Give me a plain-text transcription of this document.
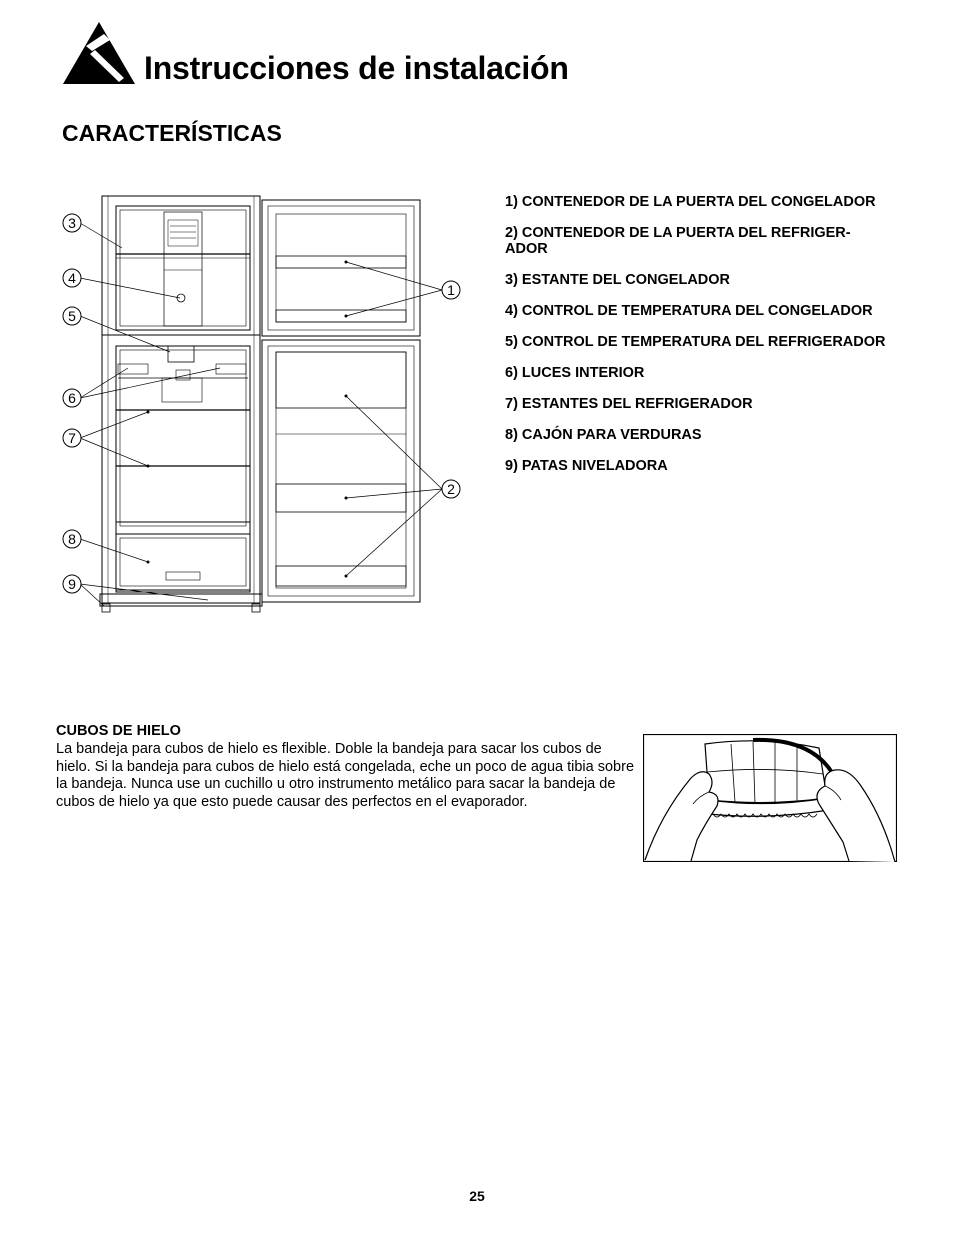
Instrucciones de instalación
CARACTERÍSTICAS
3
4
5
6
7
8
9
1
2
1) CONTENEDOR DE LA PUERTA DEL CONGELADOR
2) CONTENEDOR DE LA PUERTA DEL REFRIGER-
ADOR
3) ESTANTE DEL CONGELADOR
4) CONTROL DE TEMPERATURA DEL CONGELADOR
5) CONTROL DE TEMPERATURA DEL REFRIGERADOR
6) LUCES INTERIOR
7) ESTANTES DEL REFRIGERADOR
8) CAJÓN PARA VERDURAS
9) PATAS NIVELADORA
CUBOS DE HIELO

La bandeja para cubos de hielo es flexible. Doble la bandeja para sacar los cubos de hielo. Si la bandeja para cubos de hielo está congelada, eche un poco de agua tibia sobre la bandeja. Nunca use un cuchillo u otro instrumento metálico para sacar la bandeja de cubos de hielo ya que esto puede causar des perfectos en el evaporador.

25
